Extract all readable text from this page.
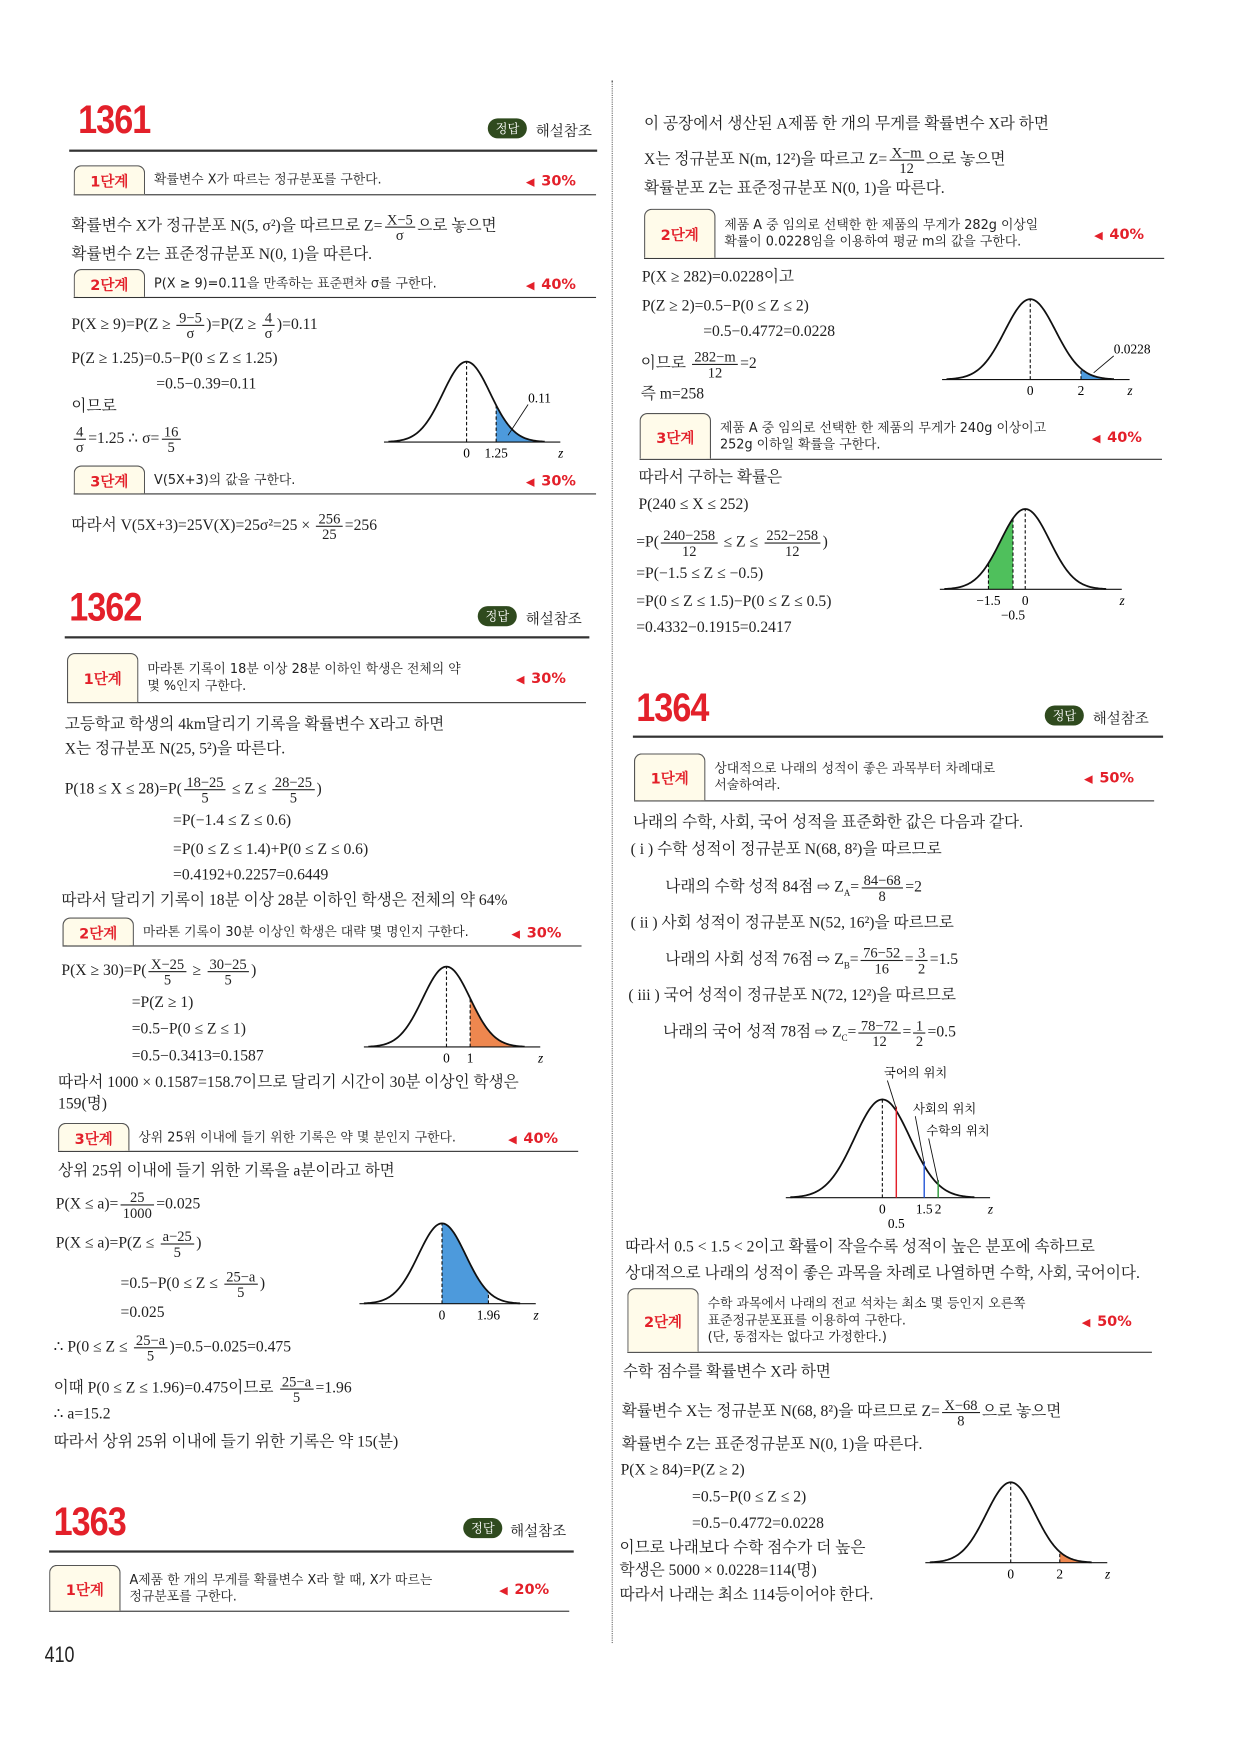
1361	정답	해설참조
1단계	확률변수 X가 따르는 정규분포를 구한다.	◀ 30%
확률변수 X가 정규분포 N(5, σ²)을 따르므로 $Z= \frac{X-5}{\sigma}$ 으로 놓으면
확률변수 Z는 표준정규분포 N(0, 1)을 따른다.
2단계	P(X ≥ 9)=0.11을 만족하는 표준편차 σ를 구한다.	◀ 40%
$P(X \ge 9)=P(Z \ge \frac{9-5}{\sigma} )=P(Z \ge \frac{4}{\sigma} )=0.11$
P(Z ≥ 1.25)=0.5−P(0 ≤ Z ≤ 1.25)
=0.5−0.39=0.11
이므로
$\frac{4}{\sigma} =1.25$ ∴ $\sigma= \frac{16}{5}$	0 1.25	z
0.11
3단계	V(5X+3)의 값을 구한다.	◀ 30%
따라서 $V(5X+3)=25V(X)=25\sigma^2=25 \times \frac{256}{25} =256$
1362	정답	해설참조
1단계
마라톤 기록이 18분 이상 28분 이하인 학생은 전체의 약
몇 %인지 구한다.	◀ 30%
고등학교 학생의 4km달리기 기록을 확률변수 X라고 하면
X는 정규분포 N(25, 5²)을 따른다.
$P(18 \le X \le 28)=P( \frac{18-25}{5} \le Z \le \frac{28-25}{5}$ )
=P(−1.4 ≤ Z ≤ 0.6)
=P(0 ≤ Z ≤ 1.4)+P(0 ≤ Z ≤ 0.6)
=0.4192+0.2257=0.6449
따라서 달리기 기록이 18분 이상 28분 이하인 학생은 전체의 약 64%
2단계	마라톤 기록이 30분 이상인 학생은 대략 몇 명인지 구한다.	◀ 30%
$P(X \ge 30)=P( \frac{X-25}{5} \ge \frac{30-25}{5}$ )
=P(Z ≥ 1)
=0.5−P(0 ≤ Z ≤ 1)
=0.5−0.3413=0.1587	0 1	z
따라서 1000 × 0.1587=158.7이므로 달리기 시간이 30분 이상인 학생은
159(명)
3단계	상위 25위 이내에 들기 위한 기록은 약 몇 분인지 구한다.	◀ 40%
상위 25위 이내에 들기 위한 기록을 a분이라고 하면
$P(X \le a)= \frac{25}{1000} =0.025$
$P(X \le a)=P(Z \le \frac{a-25}{5}$ )
$=0.5-P(0 \le Z \le \frac{25-a}{5}$ )
=0.025
∴ $P(0 \le Z \le \frac{25-a}{5} )=0.5-0.025=0.475$
0	1.96	z
이때 P(0 ≤ Z ≤ 1.96)=0.475이므로 $\frac{25-a}{5} =1.96$
∴ a=15.2
따라서 상위 25위 이내에 들기 위한 기록은 약 15(분)
1363	정답	해설참조
1단계
A제품 한 개의 무게를 확률변수 X라 할 때, X가 따르는
정규분포를 구한다.	◀ 20%
410
이 공장에서 생산된 A제품 한 개의 무게를 확률변수 X라 하면
X는 정규분포 N(m, 12²)을 따르고 $Z= \frac{X-m}{12}$ 으로 놓으면
확률분포 Z는 표준정규분포 N(0, 1)을 따른다.
2단계
제품 A 중 임의로 선택한 한 제품의 무게가 282g 이상일
확률이 0.0228임을 이용하여 평균 m의 값을 구한다.	◀ 40%
P(X ≥ 282)=0.0228이고
P(Z ≥ 2)=0.5−P(0 ≤ Z ≤ 2)
=0.5−0.4772=0.0228
이므로 $\frac{282-m}{12} =2$
즉 m=258	0	2	z
0.0228
3단계
제품 A 중 임의로 선택한 한 제품의 무게가 240g 이상이고
252g 이하일 확률을 구한다.	◀ 40%
따라서 구하는 확률은
P(240 ≤ X ≤ 252)
$=P( \frac{240-258}{12} \le Z \le \frac{252-258}{12}$ )
=P(−1.5 ≤ Z ≤ −0.5)
=P(0 ≤ Z ≤ 1.5)−P(0 ≤ Z ≤ 0.5)
=0.4332−0.1915=0.2417
−1.5 0
−0.5
z
1364	정답	해설참조
1단계
상대적으로 나래의 성적이 좋은 과목부터 차례대로
서술하여라.	◀ 50%
나래의 수학, 사회, 국어 성적을 표준화한 값은 다음과 같다.
( i ) 수학 성적이 정규분포 N(68, 8²)을 따르므로
나래의 수학 성적 84점 ⇨ $Z_A= \frac{84-68}{8} =2$
( ii ) 사회 성적이 정규분포 N(52, 16²)을 따르므로
나래의 사회 성적 76점 ⇨ $Z_B= \frac{76-52}{16} = \frac{3}{2} =1.5$
( iii ) 국어 성적이 정규분포 N(72, 12²)을 따르므로
나래의 국어 성적 78점 ⇨ $Z_C= \frac{78-72}{12} = \frac{1}{2} =0.5$
국어의 위치
사회의 위치
수학의 위치
0	1.5 2
0.5
z
따라서 0.5 < 1.5 < 2이고 확률이 작을수록 성적이 높은 분포에 속하므로
상대적으로 나래의 성적이 좋은 과목을 차례로 나열하면 수학, 사회, 국어이다.
2단계
수학 과목에서 나래의 전교 석차는 최소 몇 등인지 오른쪽
표준정규분포표를 이용하여 구한다.
(단, 동점자는 없다고 가정한다.)
◀ 50%
수학 점수를 확률변수 X라 하면
확률변수 X는 정규분포 N(68, 8²)을 따르므로 $Z= \frac{X-68}{8}$ 으로 놓으면
확률변수 Z는 표준정규분포 N(0, 1)을 따른다.
P(X ≥ 84)=P(Z ≥ 2)
=0.5−P(0 ≤ Z ≤ 2)
=0.5−0.4772=0.0228
이므로 나래보다 수학 점수가 더 높은
학생은 5000 × 0.0228=114(명)
따라서 나래는 최소 114등이어야 한다.
0	2	z
